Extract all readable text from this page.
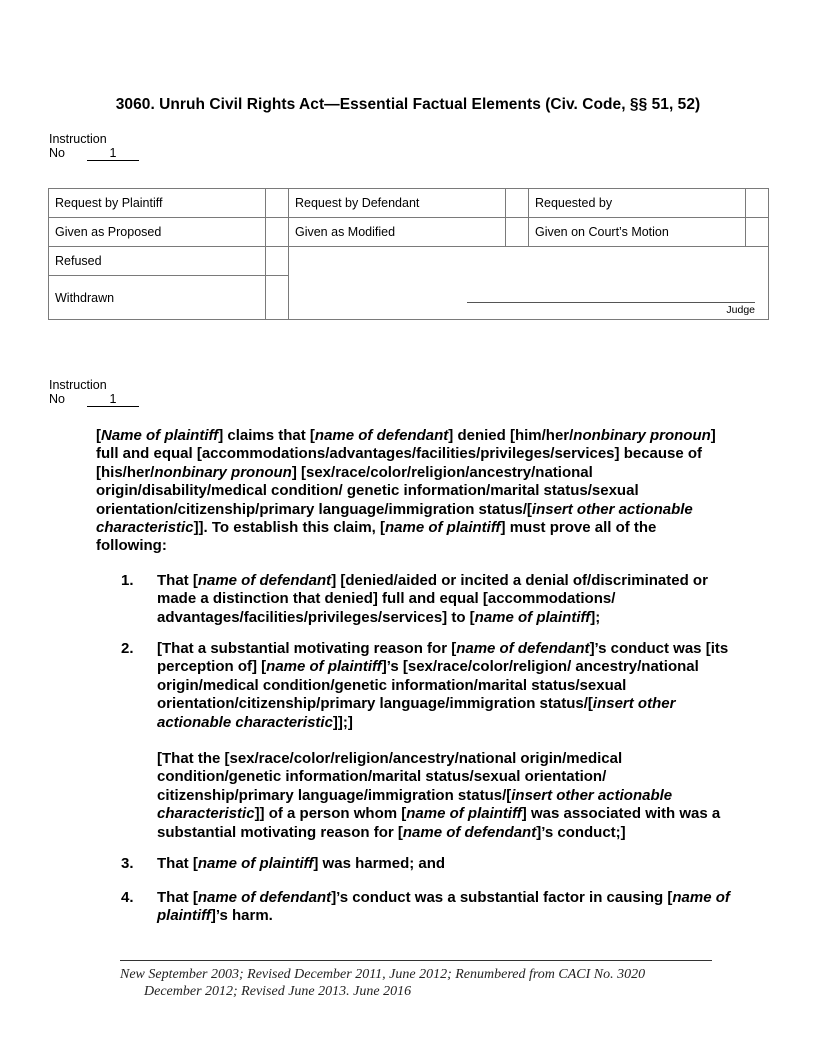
3060. Unruh Civil Rights Act—Essential Factual Elements (Civ. Code, §§ 51, 52)
Instruction
No	1
Request by Plaintiff		Request by Defendant		Requested by	
Given as Proposed		Given as Modified		Given on Court’s Motion	
Refused		Judge			

Withdrawn					
Instruction
No	1
[Name of plaintiff] claims that [name of defendant] denied [him/her/nonbinary pronoun] full and equal [accommodations/advantages/facilities/privileges/services] because of [his/her/nonbinary pronoun] [sex/race/color/religion/ancestry/national origin/disability/medical condition/ genetic information/marital status/sexual orientation/citizenship/primary language/immigration status/[insert other actionable characteristic]]. To establish this claim, [name of plaintiff] must prove all of the following:
1. That [name of defendant] [denied/aided or incited a denial of/discriminated or made a distinction that denied] full and equal [accommodations/ advantages/facilities/privileges/services] to [name of plaintiff];
2. [That a substantial motivating reason for [name of defendant]’s conduct was [its perception of] [name of plaintiff]’s [sex/race/color/religion/ ancestry/national origin/medical condition/genetic information/marital status/sexual orientation/citizenship/primary language/immigration status/[insert other actionable characteristic]];]
[That the [sex/race/color/religion/ancestry/national origin/medical condition/genetic information/marital status/sexual orientation/ citizenship/primary language/immigration status/[insert other actionable characteristic]] of a person whom [name of plaintiff] was associated with was a substantial motivating reason for [name of defendant]’s conduct;]
3. That [name of plaintiff] was harmed; and
4. That [name of defendant]’s conduct was a substantial factor in causing [name of plaintiff]’s harm.
New September 2003; Revised December 2011, June 2012; Renumbered from CACI No. 3020
December 2012; Revised June 2013. June 2016
